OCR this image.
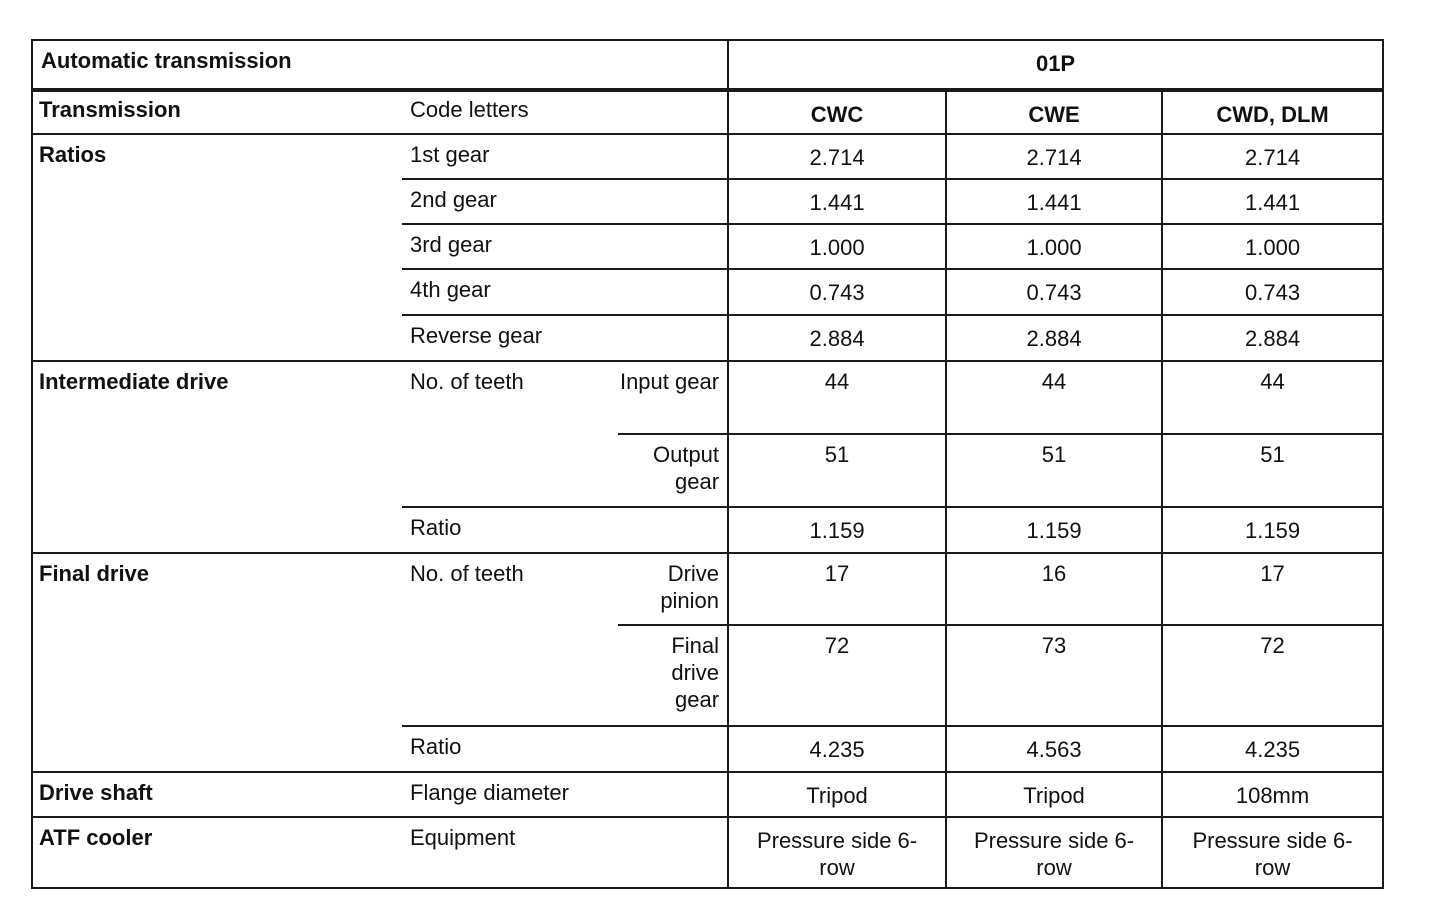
Automatic transmission			01P		
Transmission	Code letters		CWC	CWE	CWD, DLM
Ratios	1st gear		2.714	2.714	2.714
	2nd gear		1.441	1.441	1.441
	3rd gear		1.000	1.000	1.000
	4th gear		0.743	0.743	0.743
	Reverse gear		2.884	2.884	2.884
Intermediate drive	No. of teeth	Input gear	44	44	44
		Output gear	51	51	51
	Ratio		1.159	1.159	1.159
Final drive	No. of teeth	Drive pinion	17	16	17
		Final drive gear	72	73	72
	Ratio		4.235	4.563	4.235
Drive shaft	Flange diameter		Tripod	Tripod	108mm
ATF cooler	Equipment		Pressure side 6-row	Pressure side 6-row	Pressure side 6-row
